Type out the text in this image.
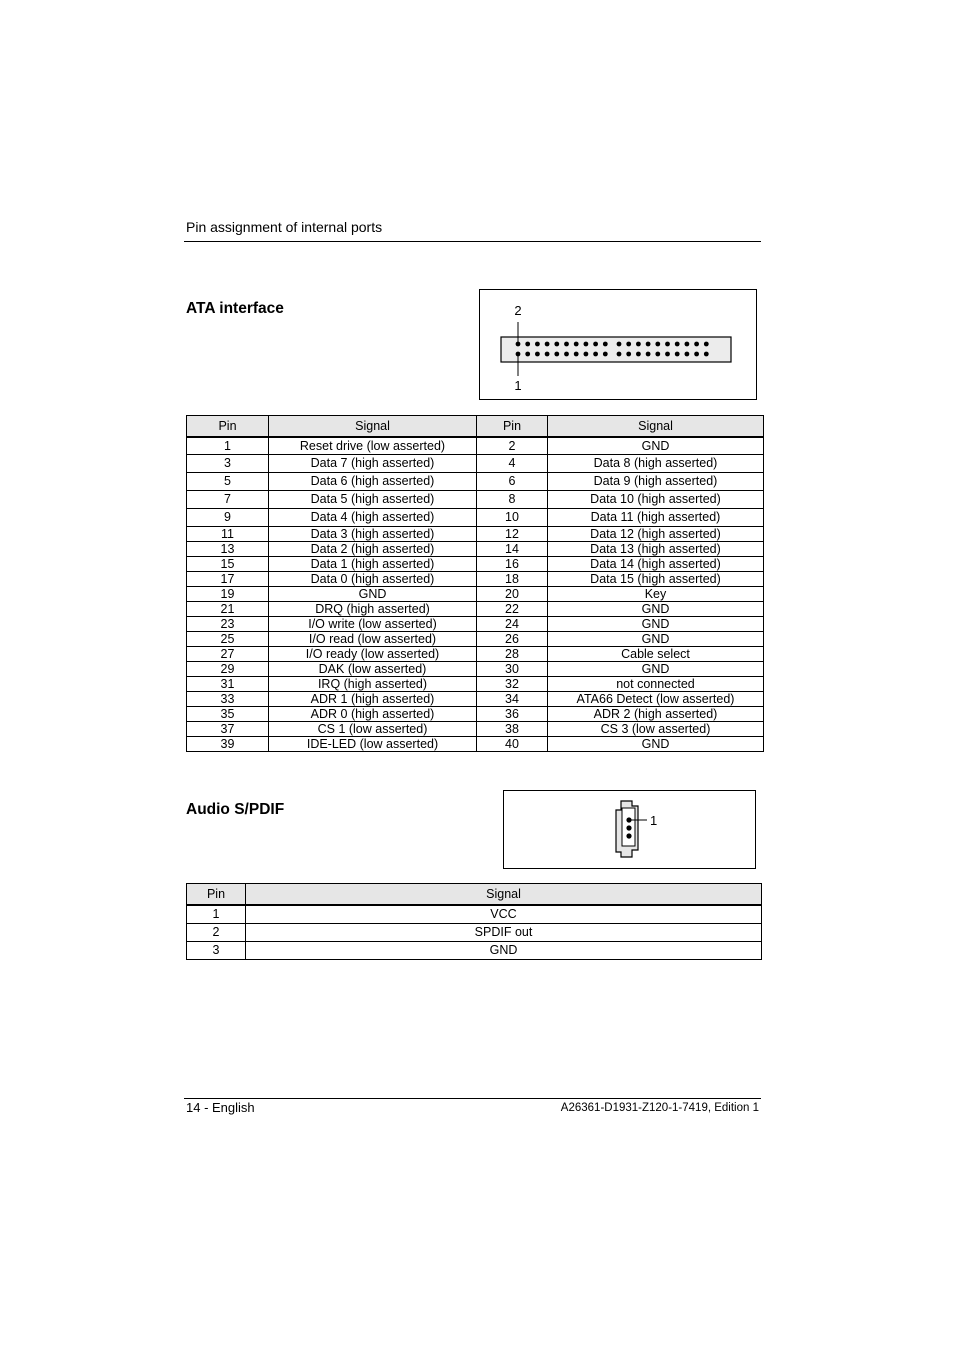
Pin assignment of internal ports
ATA interface	2
1
Pin	Signal	Pin	Signal
1	Reset drive (low asserted)	2	GND
3	Data 7 (high asserted)	4	Data 8 (high asserted)
5	Data 6 (high asserted)	6	Data 9 (high asserted)
7	Data 5 (high asserted)	8	Data 10 (high asserted)
9	Data 4 (high asserted)	10	Data 11 (high asserted)
11	Data 3 (high asserted)	12	Data 12 (high asserted)
13	Data 2 (high asserted)	14	Data 13 (high asserted)
15	Data 1 (high asserted)	16	Data 14 (high asserted)
17	Data 0 (high asserted)	18	Data 15 (high asserted)
19	GND	20	Key
21	DRQ (high asserted)	22	GND
23	I/O write (low asserted)	24	GND
25	I/O read (low asserted)	26	GND
27	I/O ready (low asserted)	28	Cable select
29	DAK (low asserted)	30	GND
31	IRQ (high asserted)	32	not connected
33	ADR 1 (high asserted)	34	ATA66 Detect (low asserted)
35	ADR 0 (high asserted)	36	ADR 2 (high asserted)
37	CS 1 (low asserted)	38	CS 3 (low asserted)
39	IDE-LED (low asserted)	40	GND
Audio S/PDIF
1
Pin	Signal
1	VCC
2	SPDIF out
3	GND
14 - English	A26361-D1931-Z120-1-7419, Edition 1
